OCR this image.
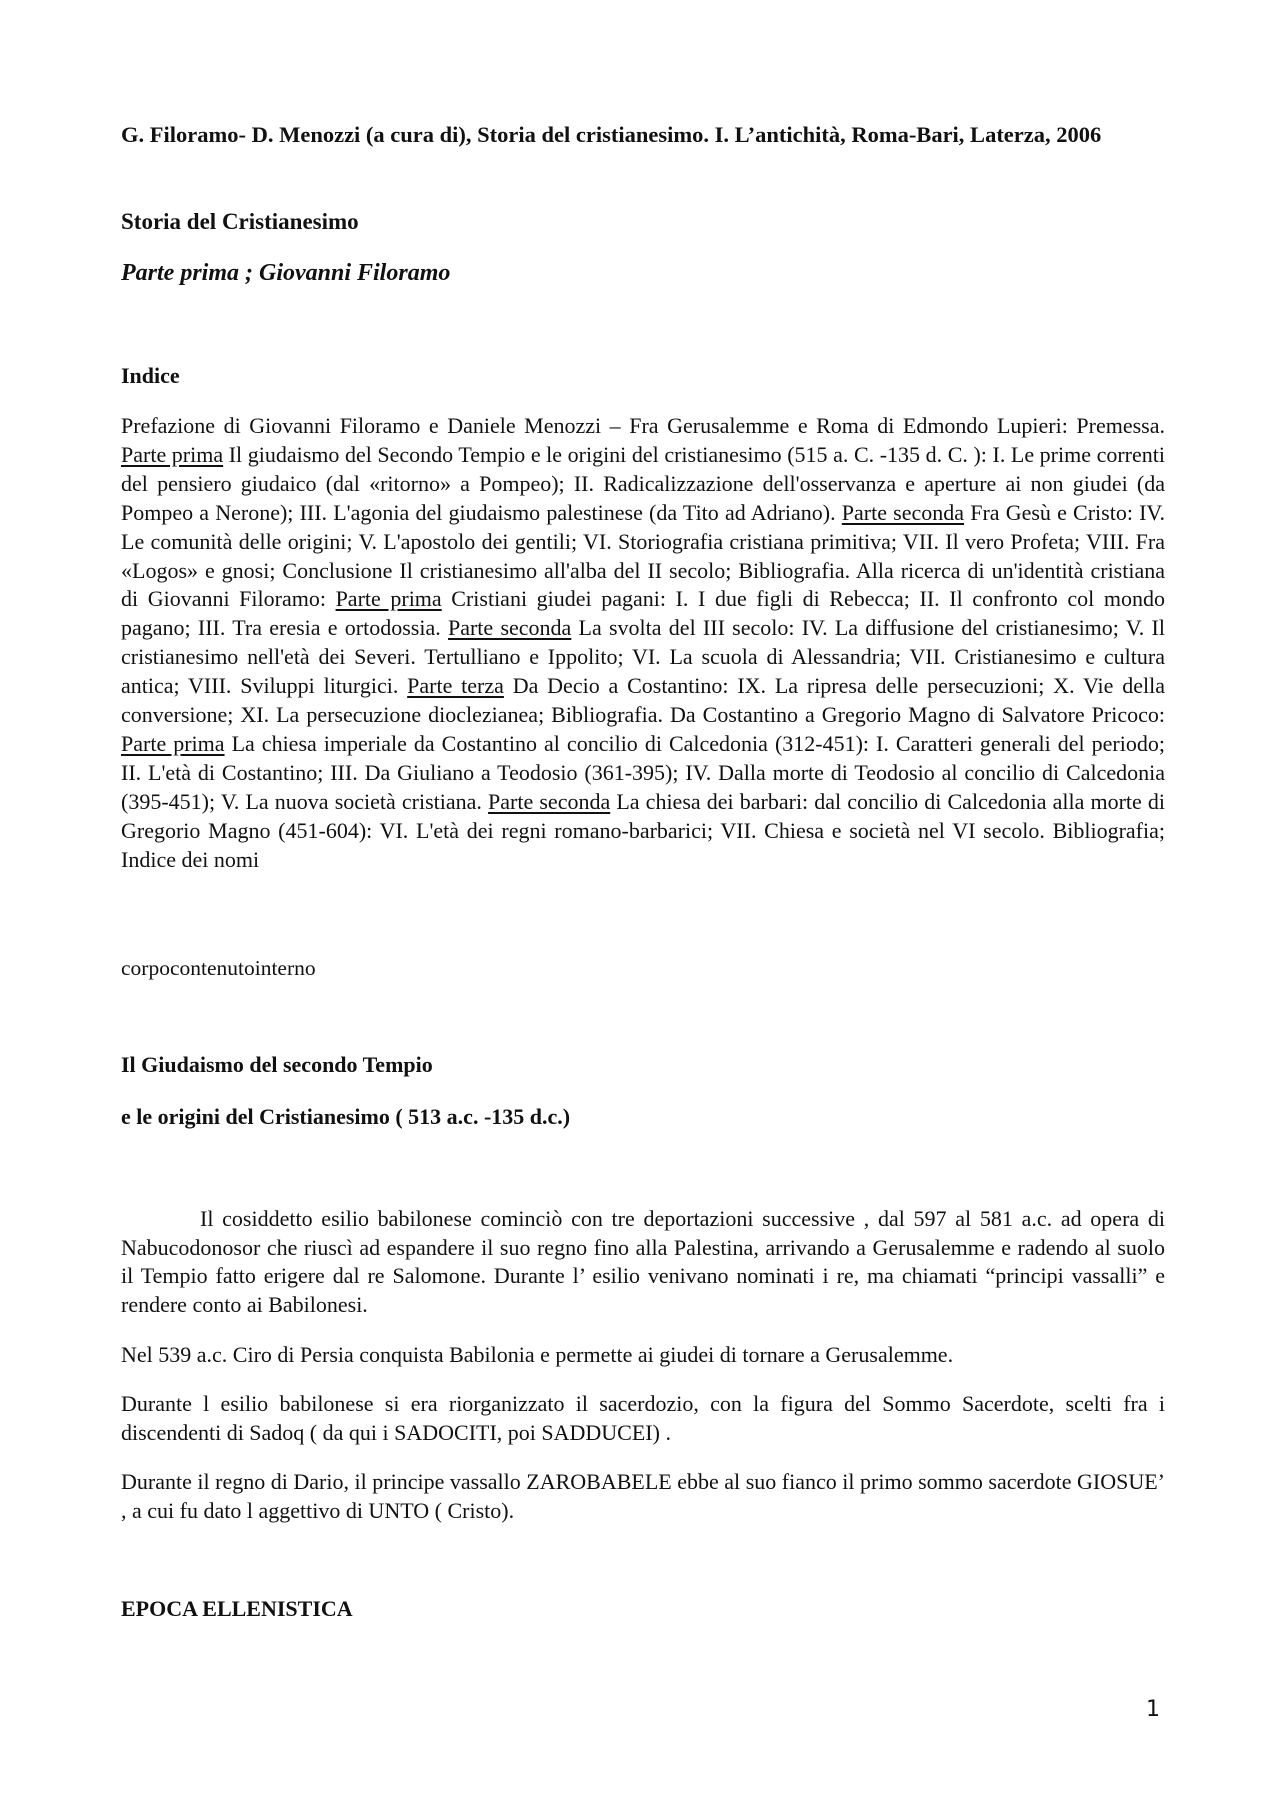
G. Filoramo- D. Menozzi (a cura di), Storia del cristianesimo. I. L’antichità, Roma-Bari, Laterza, 2006

Storia del Cristianesimo

Parte prima ; Giovanni Filoramo

Indice

Prefazione di Giovanni Filoramo e Daniele Menozzi – Fra Gerusalemme e Roma di Edmondo Lupieri: Premessa. Parte prima Il giudaismo del Secondo Tempio e le origini del cristianesimo (515 a. C. -135 d. C. ): I. Le prime correnti del pensiero giudaico (dal «ritorno» a Pompeo); II. Radicalizzazione dell'osservanza e aperture ai non giudei (da Pompeo a Nerone); III. L'agonia del giudaismo palestinese (da Tito ad Adriano). Parte seconda Fra Gesù e Cristo: IV. Le comunità delle origini; V. L'apostolo dei gentili; VI. Storiografia cristiana primitiva; VII. Il vero Profeta; VIII. Fra «Logos» e gnosi; Conclusione Il cristianesimo all'alba del II secolo; Bibliografia. Alla ricerca di un'identità cristiana di Giovanni Filoramo: Parte prima Cristiani giudei pagani: I. I due figli di Rebecca; II. Il confronto col mondo pagano; III. Tra eresia e ortodossia. Parte seconda La svolta del III secolo: IV. La diffusione del cristianesimo; V. Il cristianesimo nell'età dei Severi. Tertulliano e Ippolito; VI. La scuola di Alessandria; VII. Cristianesimo e cultura antica; VIII. Sviluppi liturgici. Parte terza Da Decio a Costantino: IX. La ripresa delle persecuzioni; X. Vie della conversione; XI. La persecuzione dioclezianea; Bibliografia. Da Costantino a Gregorio Magno di Salvatore Pricoco: Parte prima La chiesa imperiale da Costantino al concilio di Calcedonia (312-451): I. Caratteri generali del periodo; II. L'età di Costantino; III. Da Giuliano a Teodosio (361-395); IV. Dalla morte di Teodosio al concilio di Calcedonia (395-451); V. La nuova società cristiana. Parte seconda La chiesa dei barbari: dal concilio di Calcedonia alla morte di Gregorio Magno (451-604): VI. L'età dei regni romano-barbarici; VII. Chiesa e società nel VI secolo. Bibliografia; Indice dei nomi

corpocontenutointerno

Il Giudaismo del secondo Tempio

e le origini del Cristianesimo ( 513 a.c. -135 d.c.)

Il cosiddetto esilio babilonese cominciò con tre deportazioni successive , dal 597 al 581 a.c. ad opera di Nabucodonosor che riuscì ad espandere il suo regno fino alla Palestina, arrivando a Gerusalemme e radendo al suolo il Tempio fatto erigere dal re Salomone. Durante l’ esilio venivano nominati i re, ma chiamati “principi vassalli” e rendere conto ai Babilonesi.

Nel 539 a.c. Ciro di Persia conquista Babilonia e permette ai giudei di tornare a Gerusalemme.

Durante l esilio babilonese si era riorganizzato il sacerdozio, con la figura del Sommo Sacerdote, scelti fra i discendenti di Sadoq ( da qui i SADOCITI, poi SADDUCEI) .

Durante il regno di Dario, il principe vassallo ZAROBABELE ebbe al suo fianco il primo sommo sacerdote GIOSUE’ , a cui fu dato l aggettivo di UNTO ( Cristo).

EPOCA ELLENISTICA

1
